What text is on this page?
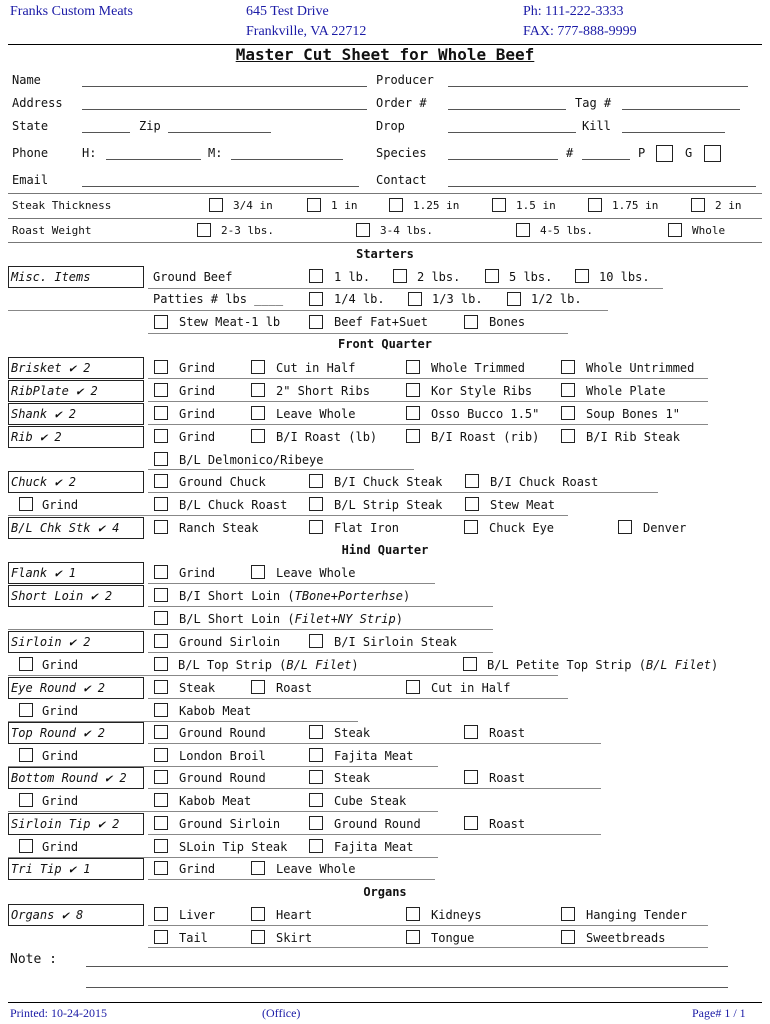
Franks Custom Meats	645 Test Drive
Frankville, VA 22712
Ph: 111-222-3333
FAX: 777-888-9999
Master Cut Sheet for Whole Beef
Name	Producer
Address	Order #	Tag #
State	Zip	Drop	Kill
Phone	H:	M:	Species	#	P	G
Email	Contact
Steak Thickness	3/4 in	1 in	1.25 in	1.5 in	1.75 in	2 in
Roast Weight	2-3 lbs.	3-4 lbs.	4-5 lbs.	Whole
Starters
Misc. Items	Ground Beef	1 lb.	2 lbs.	5 lbs.	10 lbs.
Patties # lbs ____	1/4 lb.	1/3 lb.	1/2 lb.
Stew Meat-1 lb	Beef Fat+Suet	Bones
Front Quarter
Brisket ✔ 2	Grind	Cut in Half	Whole Trimmed	Whole Untrimmed
RibPlate ✔ 2	Grind	2" Short Ribs	Kor Style Ribs	Whole Plate
Shank ✔ 2	Grind	Leave Whole	Osso Bucco 1.5"	Soup Bones 1"
Rib ✔ 2	Grind	B/I Roast (lb)	B/I Roast (rib)	B/I Rib Steak
B/L Delmonico/Ribeye
Chuck ✔ 2	Ground Chuck	B/I Chuck Steak	B/I Chuck Roast
Grind	B/L Chuck Roast	B/L Strip Steak	Stew Meat
B/L Chk Stk ✔ 4	Ranch Steak	Flat Iron	Chuck Eye	Denver
Hind Quarter
Flank ✔ 1	Grind	Leave Whole
Short Loin ✔ 2	B/I Short Loin (TBone+Porterhse)
B/L Short Loin (Filet+NY Strip)
Sirloin ✔ 2	Ground Sirloin	B/I Sirloin Steak
Grind	B/L Top Strip (B/L Filet)	B/L Petite Top Strip (B/L Filet)
Eye Round ✔ 2	Steak	Roast	Cut in Half
Grind	Kabob Meat
Top Round ✔ 2	Ground Round	Steak	Roast
Grind	London Broil	Fajita Meat
Bottom Round ✔ 2	Ground Round	Steak	Roast
Grind	Kabob Meat	Cube Steak
Sirloin Tip ✔ 2	Ground Sirloin	Ground Round	Roast
Grind	SLoin Tip Steak	Fajita Meat
Tri Tip ✔ 1	Grind	Leave Whole
Organs
Organs ✔ 8	Liver	Heart	Kidneys	Hanging Tender
Tail	Skirt	Tongue	Sweetbreads
Note :
Printed: 10-24-2015	(Office)	Page# 1 / 1
